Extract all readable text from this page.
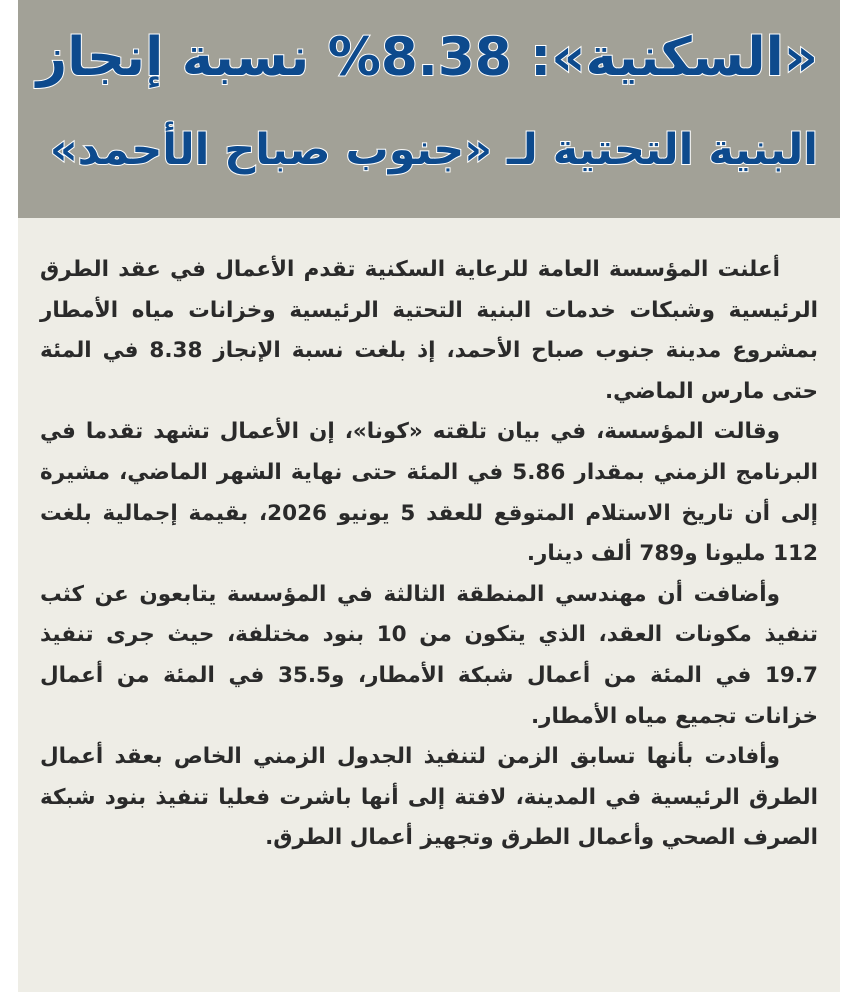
«السكنية»: 8.38% نسبة إنجاز
البنية التحتية لـ «جنوب صباح الأحمد»

أعلنت المؤسسة العامة للرعاية السكنية تقدم الأعمال في عقد الطرق الرئيسية وشبكات خدمات البنية التحتية الرئيسية وخزانات مياه الأمطار بمشروع مدينة جنوب صباح الأحمد، إذ بلغت نسبة الإنجاز 8.38 في المئة حتى مارس الماضي.

وقالت المؤسسة، في بيان تلقته «كونا»، إن الأعمال تشهد تقدما في البرنامج الزمني بمقدار 5.86 في المئة حتى نهاية الشهر الماضي، مشيرة إلى أن تاريخ الاستلام المتوقع للعقد 5 يونيو 2026، بقيمة إجمالية بلغت 112 مليونا و789 ألف دينار.

وأضافت أن مهندسي المنطقة الثالثة في المؤسسة يتابعون عن كثب تنفيذ مكونات العقد، الذي يتكون من 10 بنود مختلفة، حيث جرى تنفيذ 19.7 في المئة من أعمال شبكة الأمطار، و35.5 في المئة من أعمال خزانات تجميع مياه الأمطار.

وأفادت بأنها تسابق الزمن لتنفيذ الجدول الزمني الخاص بعقد أعمال الطرق الرئيسية في المدينة، لافتة إلى أنها باشرت فعليا تنفيذ بنود شبكة الصرف الصحي وأعمال الطرق وتجهيز أعمال الطرق.
